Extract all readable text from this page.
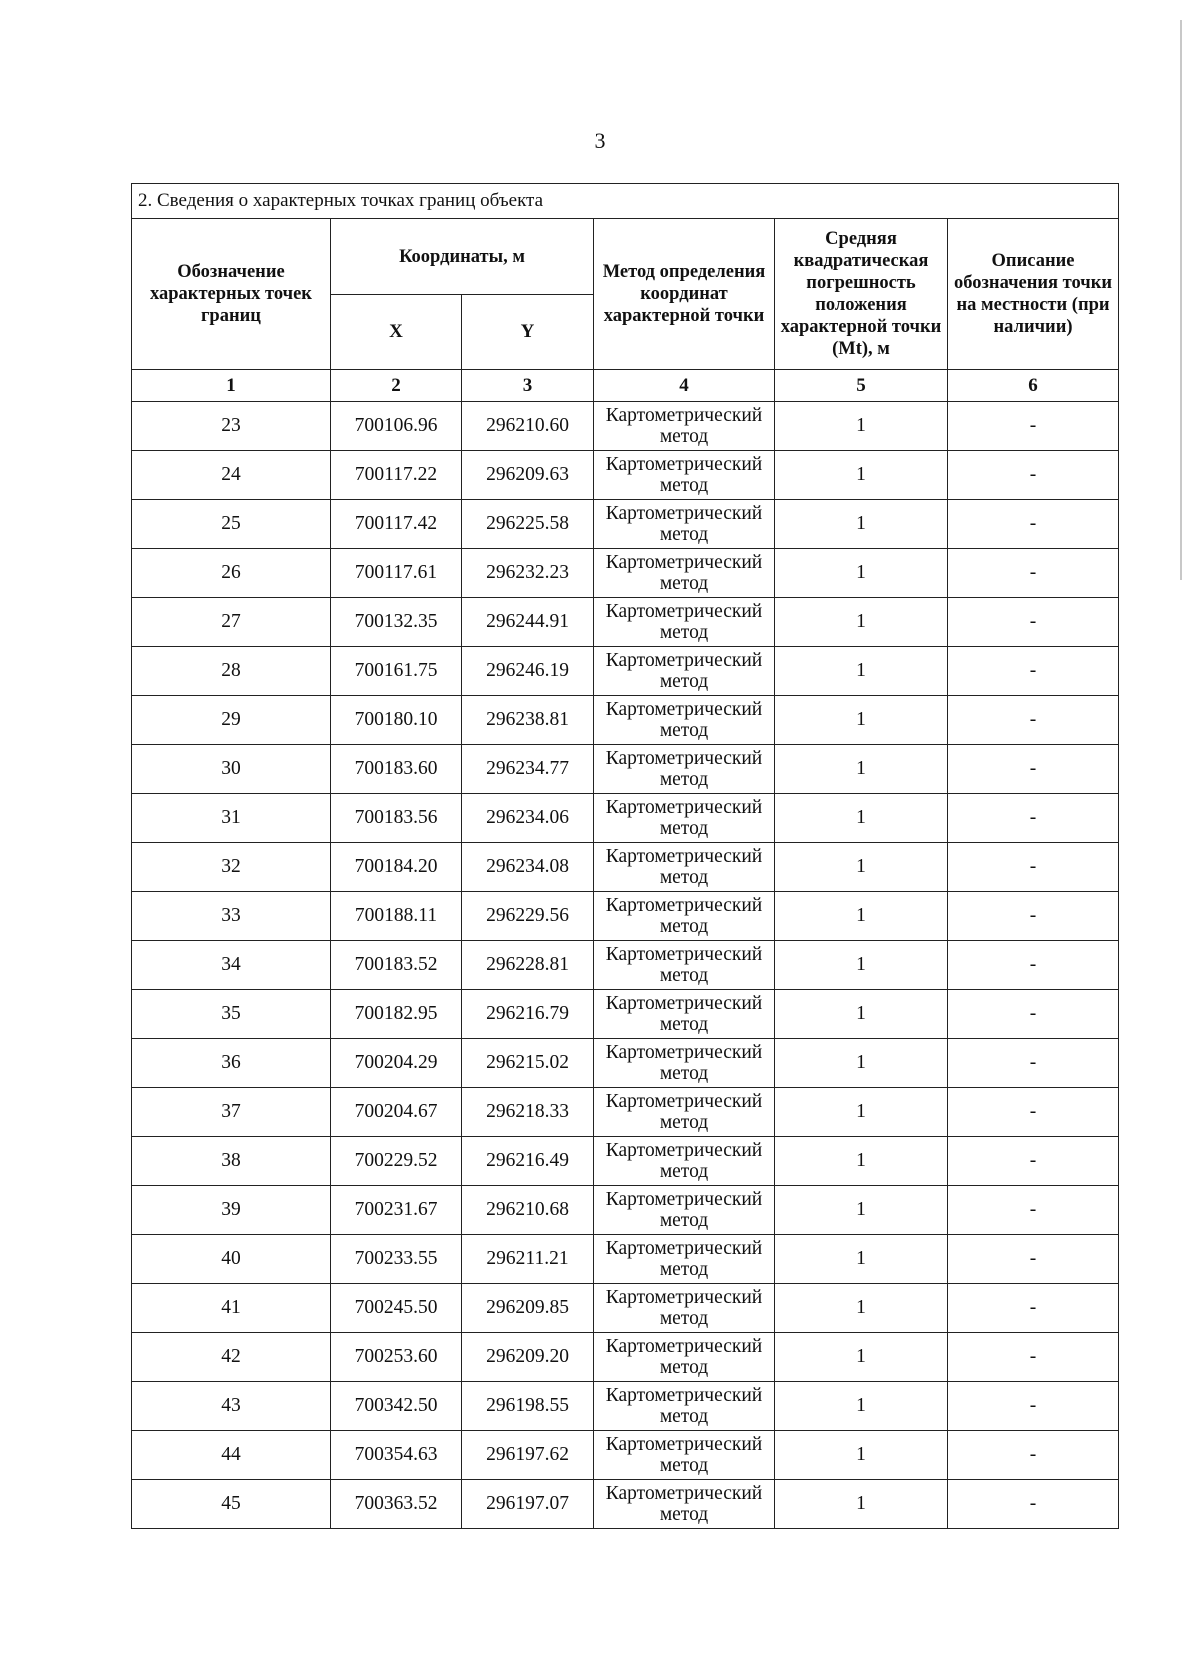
3
2. Сведения о характерных точках границ объекта					
Обозначение характерных точек границ	Координаты, м		Метод определения координат характерной точки	Средняя квадратическая погрешность положения характерной точки (Mt), м	Описание обозначения точки на местности (при наличии)
	X	Y			
1	2	3	4	5	6
23	700106.96	296210.60	Картометрический метод	1	-
24	700117.22	296209.63	Картометрический метод	1	-
25	700117.42	296225.58	Картометрический метод	1	-
26	700117.61	296232.23	Картометрический метод	1	-
27	700132.35	296244.91	Картометрический метод	1	-
28	700161.75	296246.19	Картометрический метод	1	-
29	700180.10	296238.81	Картометрический метод	1	-
30	700183.60	296234.77	Картометрический метод	1	-
31	700183.56	296234.06	Картометрический метод	1	-
32	700184.20	296234.08	Картометрический метод	1	-
33	700188.11	296229.56	Картометрический метод	1	-
34	700183.52	296228.81	Картометрический метод	1	-
35	700182.95	296216.79	Картометрический метод	1	-
36	700204.29	296215.02	Картометрический метод	1	-
37	700204.67	296218.33	Картометрический метод	1	-
38	700229.52	296216.49	Картометрический метод	1	-
39	700231.67	296210.68	Картометрический метод	1	-
40	700233.55	296211.21	Картометрический метод	1	-
41	700245.50	296209.85	Картометрический метод	1	-
42	700253.60	296209.20	Картометрический метод	1	-
43	700342.50	296198.55	Картометрический метод	1	-
44	700354.63	296197.62	Картометрический метод	1	-
45	700363.52	296197.07	Картометрический метод	1	-
